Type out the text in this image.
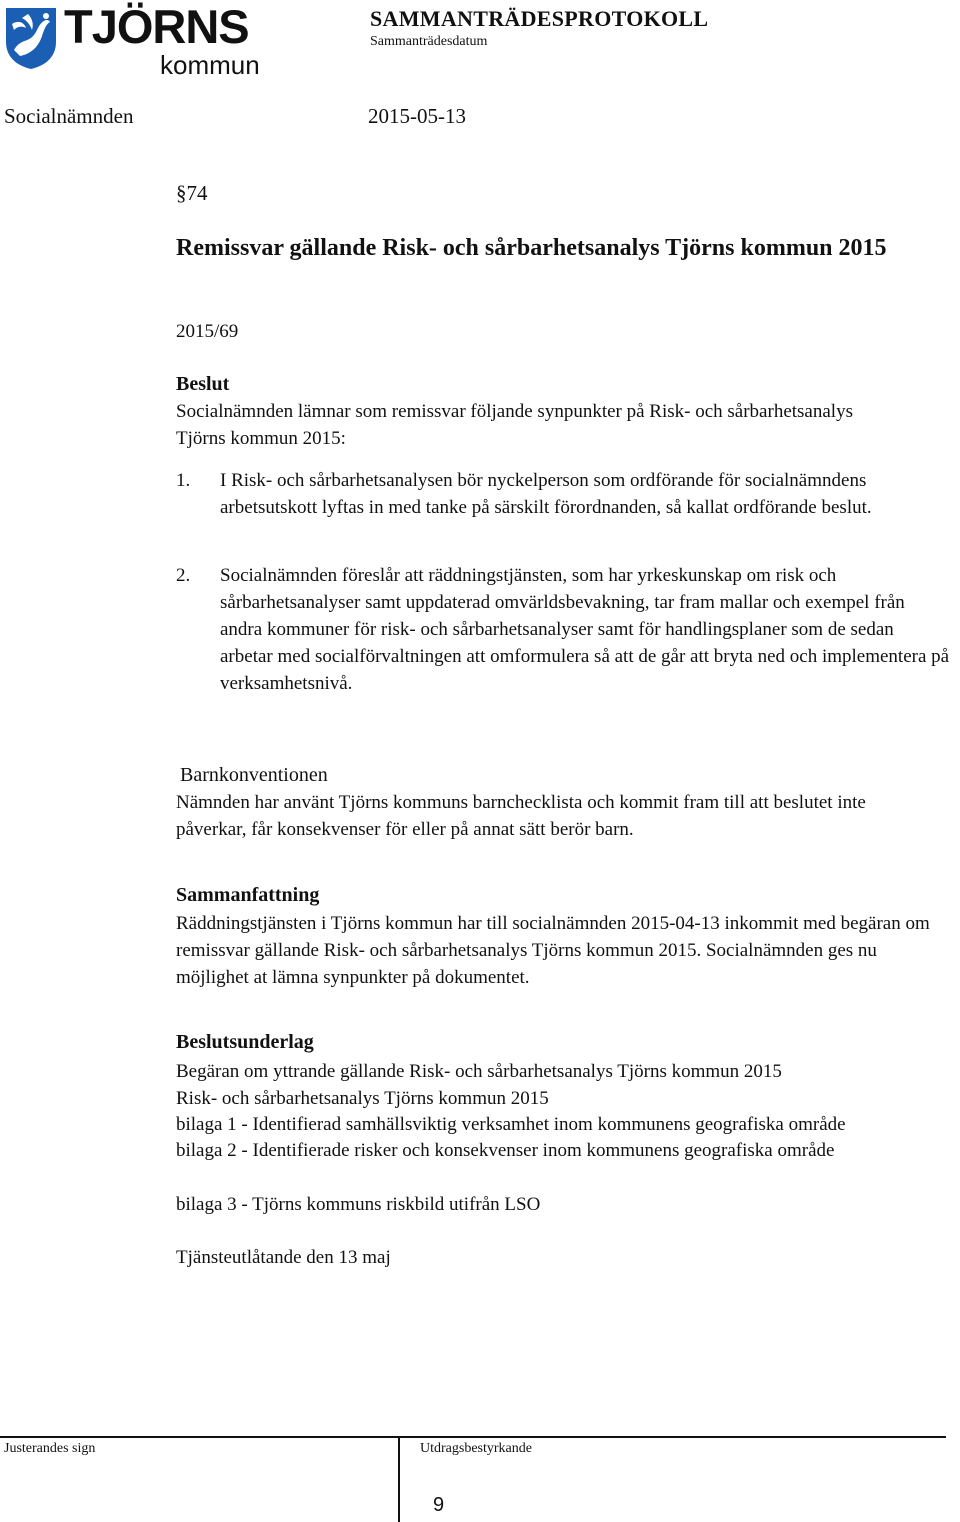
TJÖRNS
kommun
SAMMANTRÄDESPROTOKOLL
Sammanträdesdatum
Socialnämnden	2015-05-13
§74
Remissvar gällande Risk- och sårbarhetsanalys Tjörns kommun 2015
2015/69
Beslut
Socialnämnden lämnar som remissvar följande synpunkter på Risk- och sårbarhetsanalys Tjörns kommun 2015:
1. I Risk- och sårbarhetsanalysen bör nyckelperson som ordförande för socialnämndens arbetsutskott lyftas in med tanke på särskilt förordnanden, så kallat ordförande beslut.
2. Socialnämnden föreslår att räddningstjänsten, som har yrkeskunskap om risk och sårbarhetsanalyser samt uppdaterad omvärldsbevakning, tar fram mallar och exempel från andra kommuner för risk- och sårbarhetsanalyser samt för handlingsplaner som de sedan arbetar med socialförvaltningen att omformulera så att de går att bryta ned och implementera på verksamhetsnivå.
Barnkonventionen
Nämnden har använt Tjörns kommuns barnchecklista och kommit fram till att beslutet inte påverkar, får konsekvenser för eller på annat sätt berör barn.
Sammanfattning
Räddningstjänsten i Tjörns kommun har till socialnämnden 2015-04-13 inkommit med begäran om remissvar gällande Risk- och sårbarhetsanalys Tjörns kommun 2015. Socialnämnden ges nu möjlighet at lämna synpunkter på dokumentet.
Beslutsunderlag
Begäran om yttrande gällande Risk- och sårbarhetsanalys Tjörns kommun 2015
Risk- och sårbarhetsanalys Tjörns kommun 2015
bilaga 1 - Identifierad samhällsviktig verksamhet inom kommunens geografiska område
bilaga 2 - Identifierade risker och konsekvenser inom kommunens geografiska område
bilaga 3 - Tjörns kommuns riskbild utifrån LSO
Tjänsteutlåtande den 13 maj
Justerandes sign	Utdragsbestyrkande
9
